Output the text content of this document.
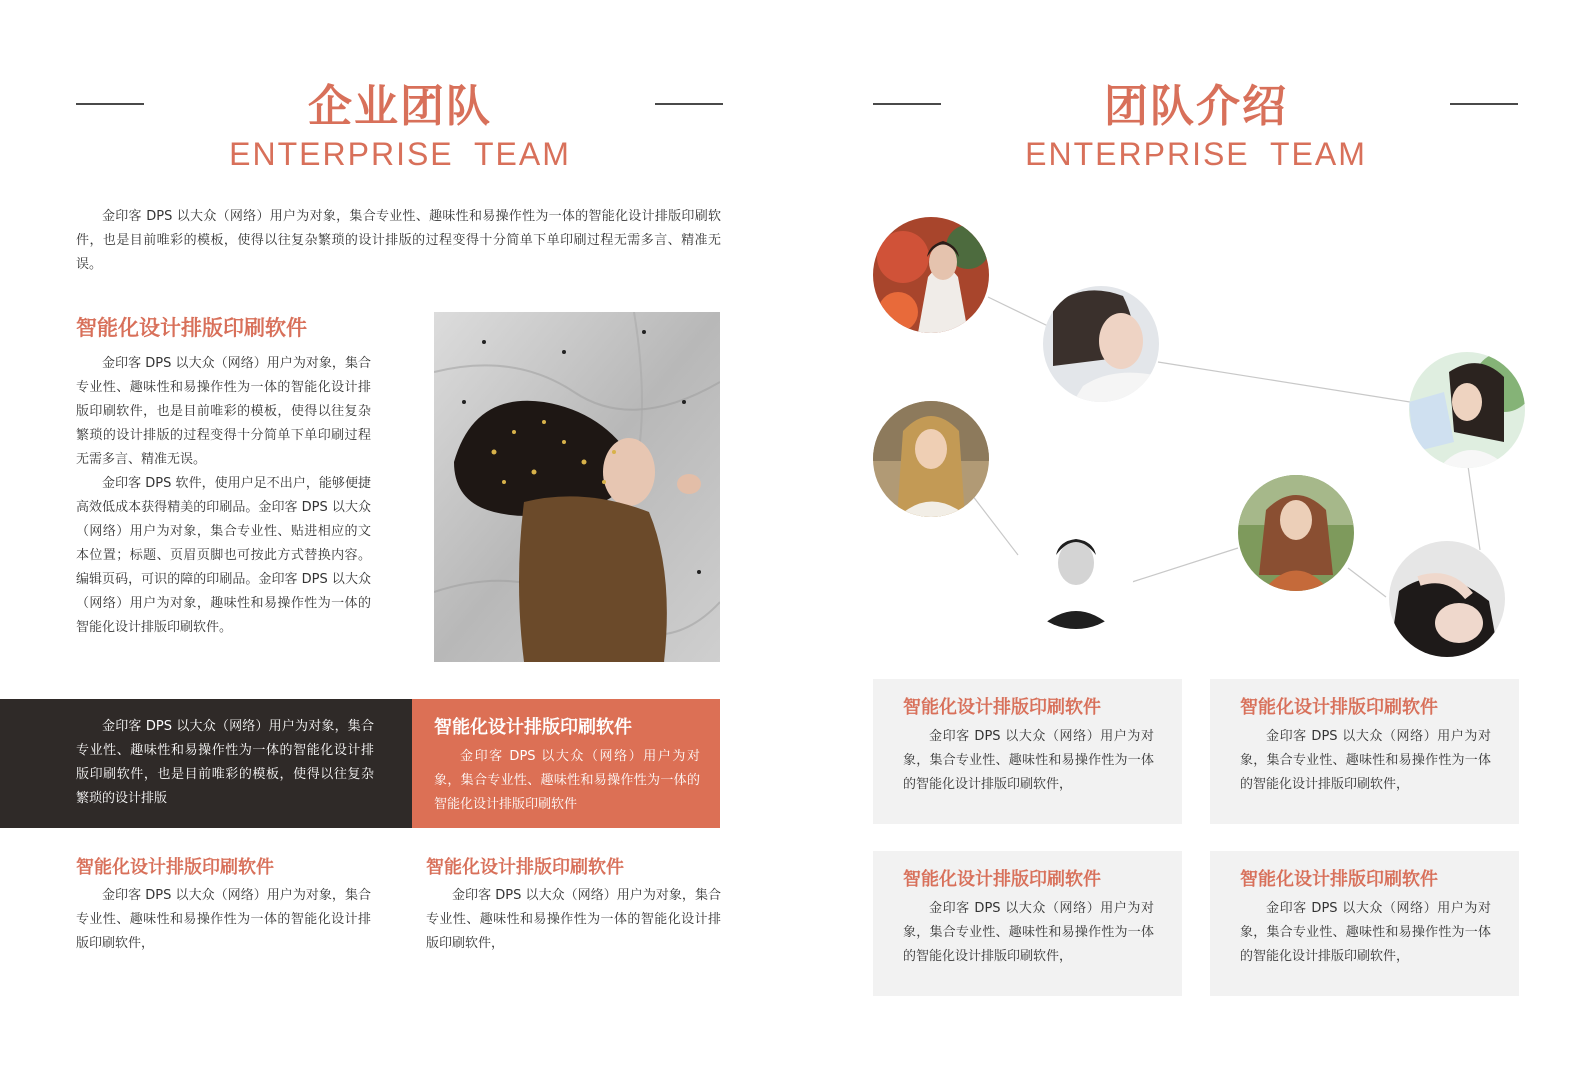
企业团队
ENTERPRISE TEAM

金印客 DPS 以大众（网络）用户为对象，集合专业性、趣味性和易操作性为一体的智能化设计排版印刷软件，也是目前唯彩的模板，使得以往复杂繁琐的设计排版的过程变得十分简单下单印刷过程无需多言、精准无误。

智能化设计排版印刷软件

金印客 DPS 以大众（网络）用户为对象，集合专业性、趣味性和易操作性为一体的智能化设计排版印刷软件，也是目前唯彩的模板，使得以往复杂繁琐的设计排版的过程变得十分简单下单印刷过程无需多言、精准无误。

金印客 DPS 软件，使用户足不出户，能够便捷高效低成本获得精美的印刷品。金印客 DPS 以大众（网络）用户为对象，集合专业性、贴进相应的文本位置；标题、页眉页脚也可按此方式替换内容。编辑页码，可识的障的印刷品。金印客 DPS 以大众（网络）用户为对象，趣味性和易操作性为一体的智能化设计排版印刷软件。

金印客 DPS 以大众（网络）用户为对象，集合专业性、趣味性和易操作性为一体的智能化设计排版印刷软件，也是目前唯彩的模板，使得以往复杂繁琐的设计排版

智能化设计排版印刷软件

金印客 DPS 以大众（网络）用户为对象，集合专业性、趣味性和易操作性为一体的智能化设计排版印刷软件

智能化设计排版印刷软件

金印客 DPS 以大众（网络）用户为对象，集合专业性、趣味性和易操作性为一体的智能化设计排版印刷软件，

智能化设计排版印刷软件

金印客 DPS 以大众（网络）用户为对象，集合专业性、趣味性和易操作性为一体的智能化设计排版印刷软件，

团队介绍
ENTERPRISE TEAM
智能化设计排版印刷软件

金印客 DPS 以大众（网络）用户为对象，集合专业性、趣味性和易操作性为一体的智能化设计排版印刷软件，

智能化设计排版印刷软件

金印客 DPS 以大众（网络）用户为对象，集合专业性、趣味性和易操作性为一体的智能化设计排版印刷软件，

智能化设计排版印刷软件

金印客 DPS 以大众（网络）用户为对象，集合专业性、趣味性和易操作性为一体的智能化设计排版印刷软件，

智能化设计排版印刷软件

金印客 DPS 以大众（网络）用户为对象，集合专业性、趣味性和易操作性为一体的智能化设计排版印刷软件，
